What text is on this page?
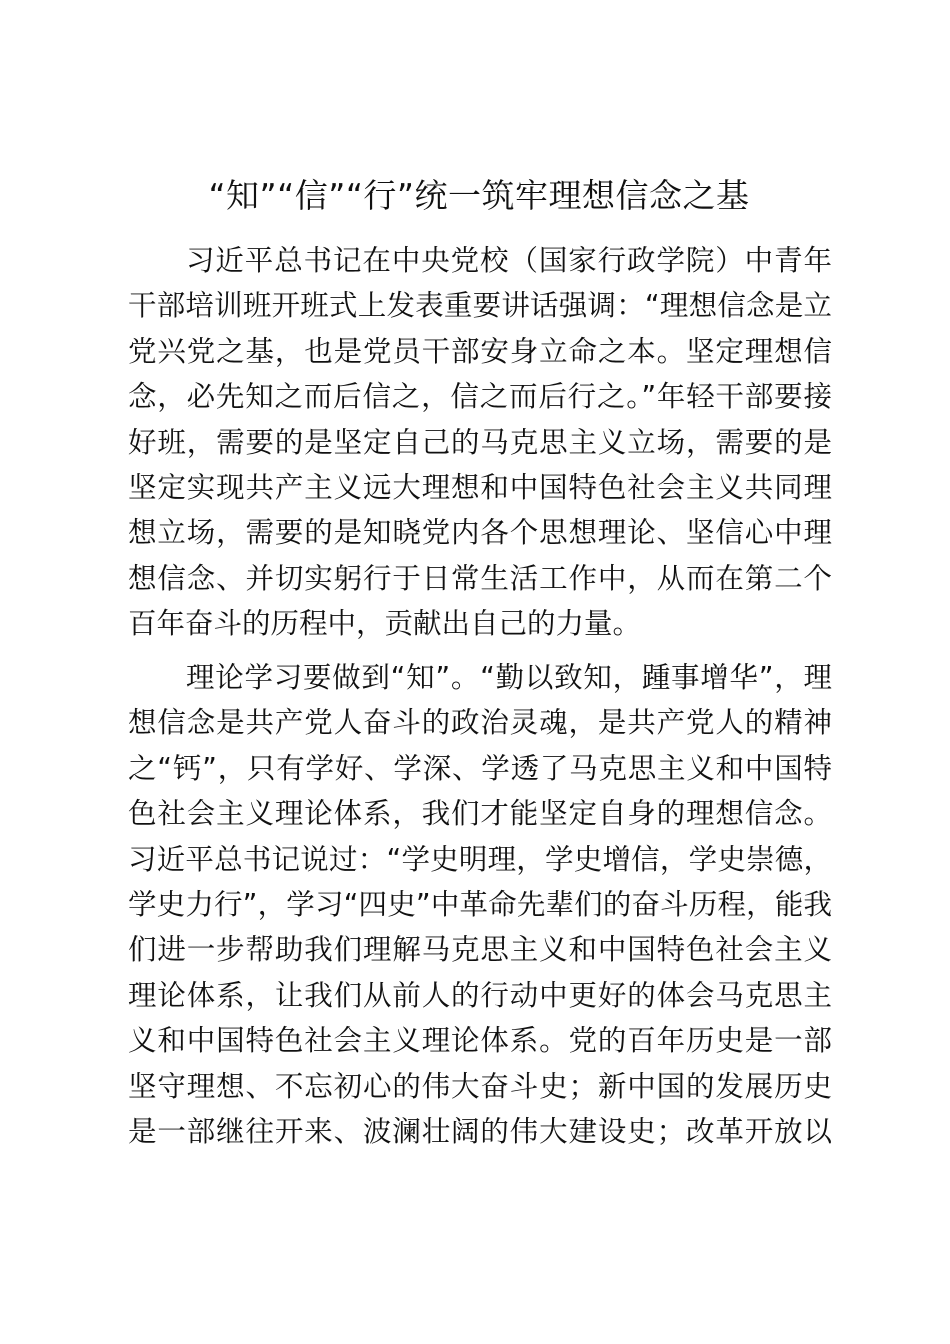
“知”“信”“行”统一筑牢理想信念之基
习近平总书记在中央党校（国家行政学院）中青年
干部培训班开班式上发表重要讲话强调：“理想信念是立
党兴党之基，也是党员干部安身立命之本。坚定理想信
念，必先知之而后信之，信之而后行之。”年轻干部要接
好班，需要的是坚定自己的马克思主义立场，需要的是
坚定实现共产主义远大理想和中国特色社会主义共同理
想立场，需要的是知晓党内各个思想理论、坚信心中理
想信念、并切实躬行于日常生活工作中，从而在第二个
百年奋斗的历程中，贡献出自己的力量。
理论学习要做到“知”。“勤以致知，踵事增华”，理
想信念是共产党人奋斗的政治灵魂，是共产党人的精神
之“钙”，只有学好、学深、学透了马克思主义和中国特
色社会主义理论体系，我们才能坚定自身的理想信念。
习近平总书记说过：“学史明理，学史增信，学史崇德，
学史力行”，学习“四史”中革命先辈们的奋斗历程，能我
们进一步帮助我们理解马克思主义和中国特色社会主义
理论体系，让我们从前人的行动中更好的体会马克思主
义和中国特色社会主义理论体系。党的百年历史是一部
坚守理想、不忘初心的伟大奋斗史；新中国的发展历史
是一部继往开来、波澜壮阔的伟大建设史；改革开放以
